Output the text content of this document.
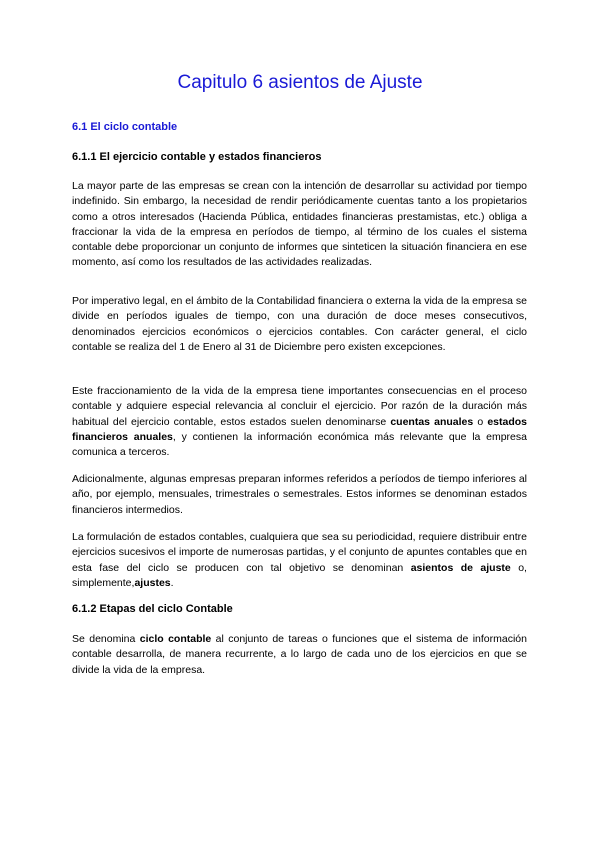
Capitulo 6 asientos de Ajuste
6.1 El ciclo contable
6.1.1 El ejercicio contable y estados financieros

La mayor parte de las empresas se crean con la intención de desarrollar su actividad por tiempo indefinido. Sin embargo, la necesidad de rendir periódicamente cuentas tanto a los propietarios como a otros interesados (Hacienda Pública, entidades financieras prestamistas, etc.) obliga a fraccionar la vida de la empresa en períodos de tiempo, al término de los cuales el sistema contable debe proporcionar un conjunto de informes que sinteticen la situación financiera en ese momento, así como los resultados de las actividades realizadas.

Por imperativo legal, en el ámbito de la Contabilidad financiera o externa la vida de la empresa se divide en períodos iguales de tiempo, con una duración de doce meses consecutivos, denominados ejercicios económicos o ejercicios contables. Con carácter general, el ciclo contable se realiza del 1 de Enero al 31 de Diciembre pero existen excepciones.

Este fraccionamiento de la vida de la empresa tiene importantes consecuencias en el proceso contable y adquiere especial relevancia al concluir el ejercicio. Por razón de la duración más habitual del ejercicio contable, estos estados suelen denominarse cuentas anuales o estados financieros anuales, y contienen la información económica más relevante que la empresa comunica a terceros.

Adicionalmente, algunas empresas preparan informes referidos a períodos de tiempo inferiores al año, por ejemplo, mensuales, trimestrales o semestrales. Estos informes se denominan estados financieros intermedios.

La formulación de estados contables, cualquiera que sea su periodicidad, requiere distribuir entre ejercicios sucesivos el importe de numerosas partidas, y el conjunto de apuntes contables que en esta fase del ciclo se producen con tal objetivo se denominan asientos de ajuste o, simplemente,ajustes.

6.1.2 Etapas del ciclo Contable

Se denomina ciclo contable al conjunto de tareas o funciones que el sistema de información contable desarrolla, de manera recurrente, a lo largo de cada uno de los ejercicios en que se divide la vida de la empresa.
